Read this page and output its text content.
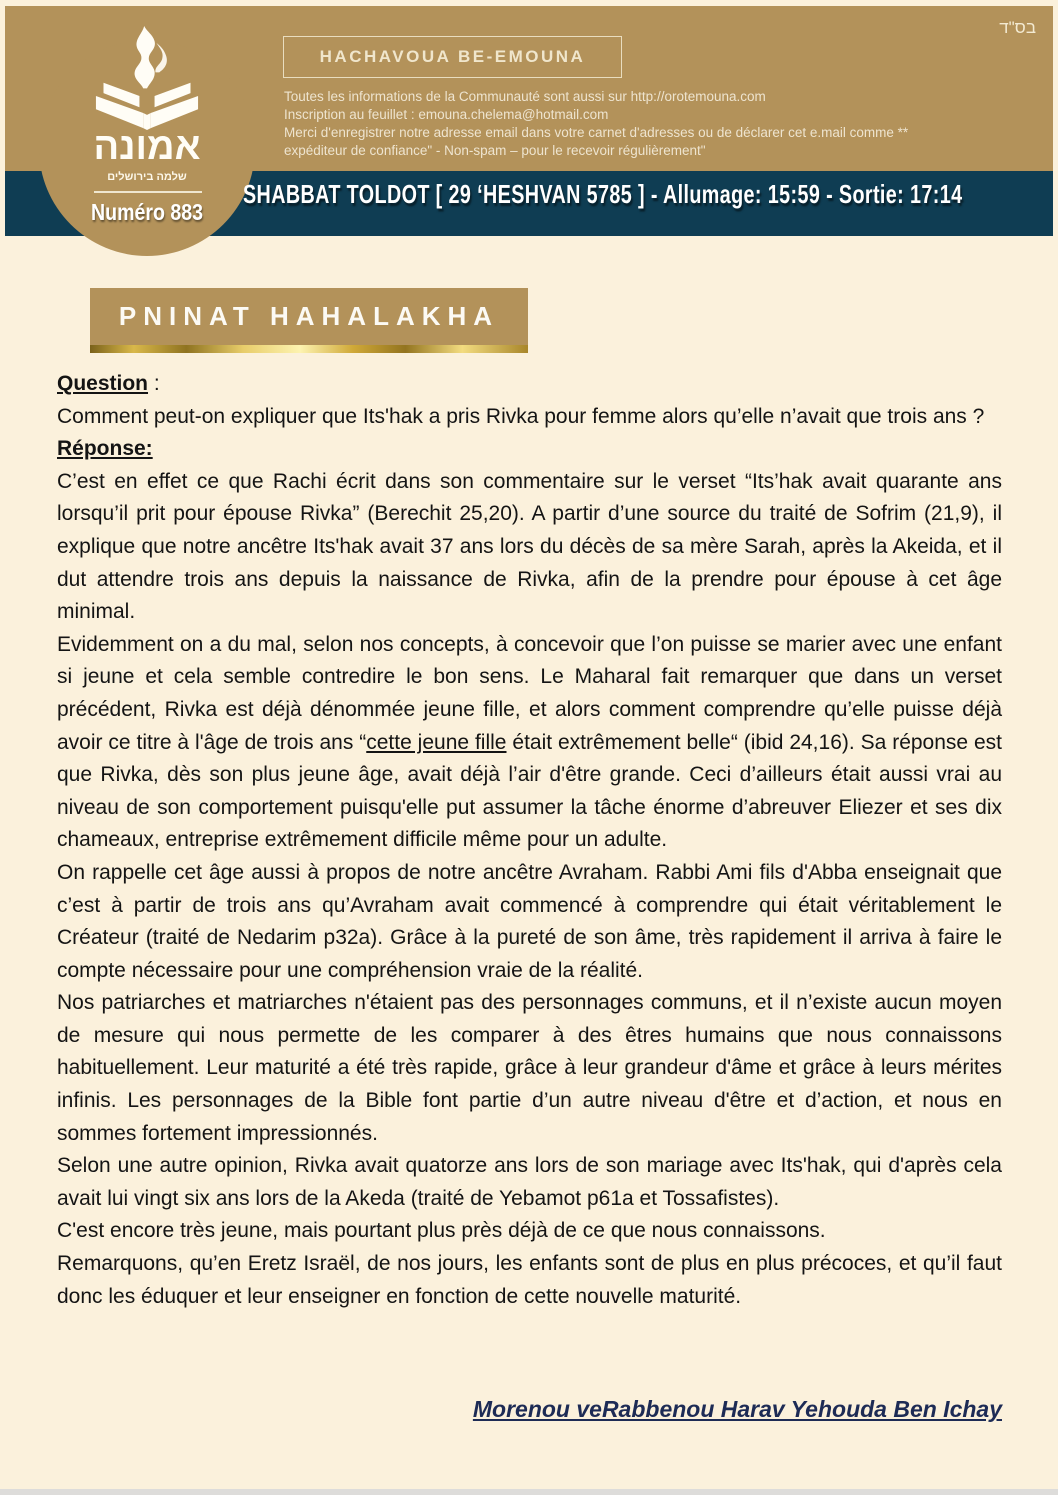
בס"ד
HACHAVOUA BE-EMOUNA
Toutes les informations de la Communauté sont aussi sur http://orotemouna.com
Inscription au feuillet : emouna.chelema@hotmail.com
Merci d'enregistrer notre adresse email dans votre carnet d'adresses ou de déclarer cet e.mail comme **
expéditeur de confiance" - Non-spam – pour le recevoir régulièrement"
אמונה
שלמה בירושלים
Numéro 883
SHABBAT TOLDOT [ 29 ‘HESHVAN 5785 ] - Allumage: 15:59 - Sortie: 17:14
PNINAT HAHALAKHA

Question :

Comment peut-on expliquer que Its'hak a pris Rivka pour femme alors qu’elle n’avait que trois ans ?

Réponse:

C’est en effet ce que Rachi écrit dans son commentaire sur le verset “Its’hak avait quarante ans lorsqu’il prit pour épouse Rivka” (Berechit 25,20). A partir d’une source du traité de Sofrim (21,9), il explique que notre ancêtre Its'hak avait 37 ans lors du décès de sa mère Sarah, après la Akeida, et il dut attendre trois ans depuis la naissance de Rivka, afin de la prendre pour épouse à cet âge minimal.

Evidemment on a du mal, selon nos concepts, à concevoir que l’on puisse se marier avec une enfant si jeune et cela semble contredire le bon sens. Le Maharal fait remarquer que dans un verset précédent, Rivka est déjà dénommée jeune fille, et alors comment comprendre qu’elle puisse déjà avoir ce titre à l'âge de trois ans “cette jeune fille était extrêmement belle“ (ibid 24,16). Sa réponse est que Rivka, dès son plus jeune âge, avait déjà l’air d'être grande. Ceci d’ailleurs était aussi vrai au niveau de son comportement puisqu'elle put assumer la tâche énorme d’abreuver Eliezer et ses dix chameaux, entreprise extrêmement difficile même pour un adulte.

On rappelle cet âge aussi à propos de notre ancêtre Avraham. Rabbi Ami fils d'Abba enseignait que c’est à partir de trois ans qu’Avraham avait commencé à comprendre qui était véritablement le Créateur (traité de Nedarim p32a). Grâce à la pureté de son âme, très rapidement il arriva à faire le compte nécessaire pour une compréhension vraie de la réalité.

Nos patriarches et matriarches n'étaient pas des personnages communs, et il n’existe aucun moyen de mesure qui nous permette de les comparer à des êtres humains que nous connaissons habituellement. Leur maturité a été très rapide, grâce à leur grandeur d'âme et grâce à leurs mérites infinis. Les personnages de la Bible font partie d’un autre niveau d'être et d’action, et nous en sommes fortement impressionnés.

Selon une autre opinion, Rivka avait quatorze ans lors de son mariage avec Its'hak, qui d'après cela avait lui vingt six ans lors de la Akeda (traité de Yebamot p61a et Tossafistes).

C'est encore très jeune, mais pourtant plus près déjà de ce que nous connaissons.

Remarquons, qu’en Eretz Israël, de nos jours, les enfants sont de plus en plus précoces, et qu’il faut donc les éduquer et leur enseigner en fonction de cette nouvelle maturité.

Morenou veRabbenou Harav Yehouda Ben Ichay
